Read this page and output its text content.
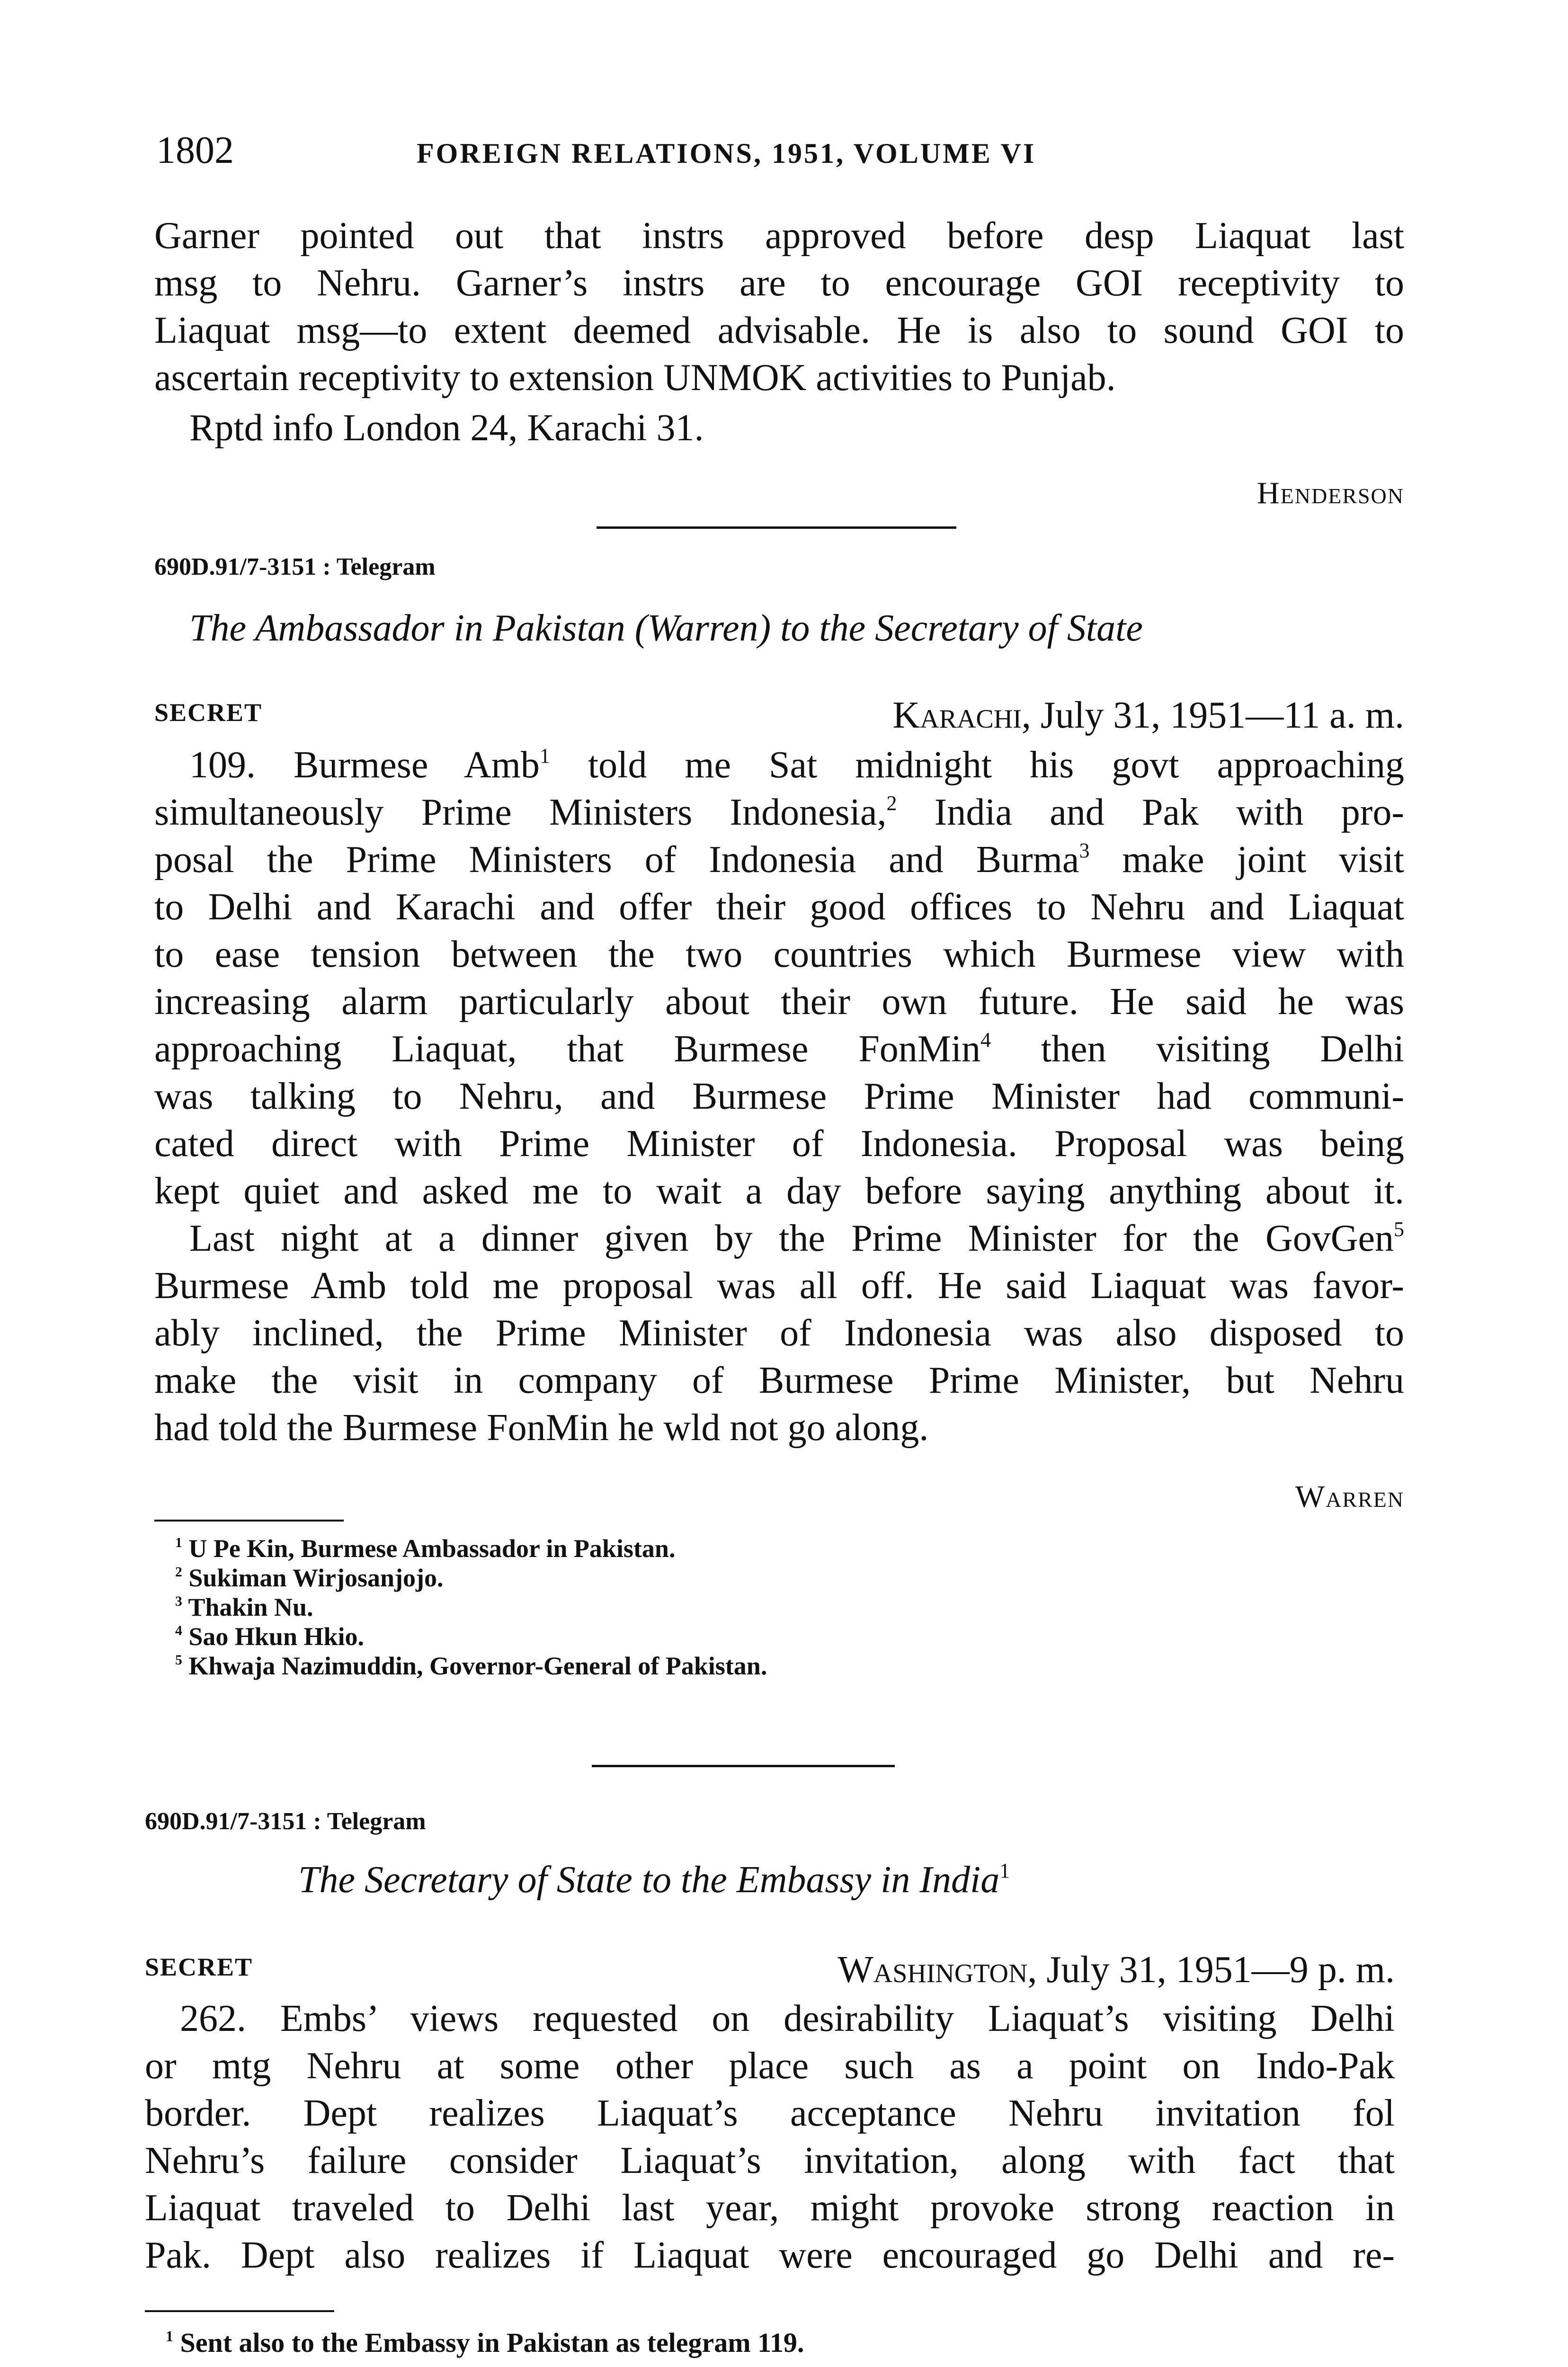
1802	FOREIGN RELATIONS, 1951, VOLUME VI
Garner pointed out that instrs approved before desp Liaquat last
msg to Nehru. Garner’s instrs are to encourage GOI receptivity to
Liaquat msg—to extent deemed advisable. He is also to sound GOI to
ascertain receptivity to extension UNMOK activities to Punjab.
Rptd info London 24, Karachi 31.
Henderson
690D.91/7-3151 : Telegram
The Ambassador in Pakistan (Warren) to the Secretary of State
SECRET	Karachi, July 31, 1951—11 a. m.
109. Burmese Amb$^1$ told me Sat midnight his govt approaching
simultaneously Prime Ministers Indonesia,$^2$ India and Pak with pro-
posal the Prime Ministers of Indonesia and Burma$^3$ make joint visit
to Delhi and Karachi and offer their good offices to Nehru and Liaquat
to ease tension between the two countries which Burmese view with
increasing alarm particularly about their own future. He said he was
approaching Liaquat, that Burmese FonMin$^4$ then visiting Delhi
was talking to Nehru, and Burmese Prime Minister had communi-
cated direct with Prime Minister of Indonesia. Proposal was being
kept quiet and asked me to wait a day before saying anything about it.
Last night at a dinner given by the Prime Minister for the GovGen$^5$
Burmese Amb told me proposal was all off. He said Liaquat was favor-
ably inclined, the Prime Minister of Indonesia was also disposed to
make the visit in company of Burmese Prime Minister, but Nehru
had told the Burmese FonMin he wld not go along.
Warren
$^1$ U Pe Kin, Burmese Ambassador in Pakistan.
$^2$ Sukiman Wirjosanjojo.
$^3$ Thakin Nu.
$^4$ Sao Hkun Hkio.
$^5$ Khwaja Nazimuddin, Governor-General of Pakistan.
690D.91/7-3151 : Telegram
The Secretary of State to the Embassy in India$^1$
SECRET	Washington, July 31, 1951—9 p. m.
262. Embs’ views requested on desirability Liaquat’s visiting Delhi
or mtg Nehru at some other place such as a point on Indo-Pak
border. Dept realizes Liaquat’s acceptance Nehru invitation fol
Nehru’s failure consider Liaquat’s invitation, along with fact that
Liaquat traveled to Delhi last year, might provoke strong reaction in
Pak. Dept also realizes if Liaquat were encouraged go Delhi and re-
$^1$ Sent also to the Embassy in Pakistan as telegram 119.
